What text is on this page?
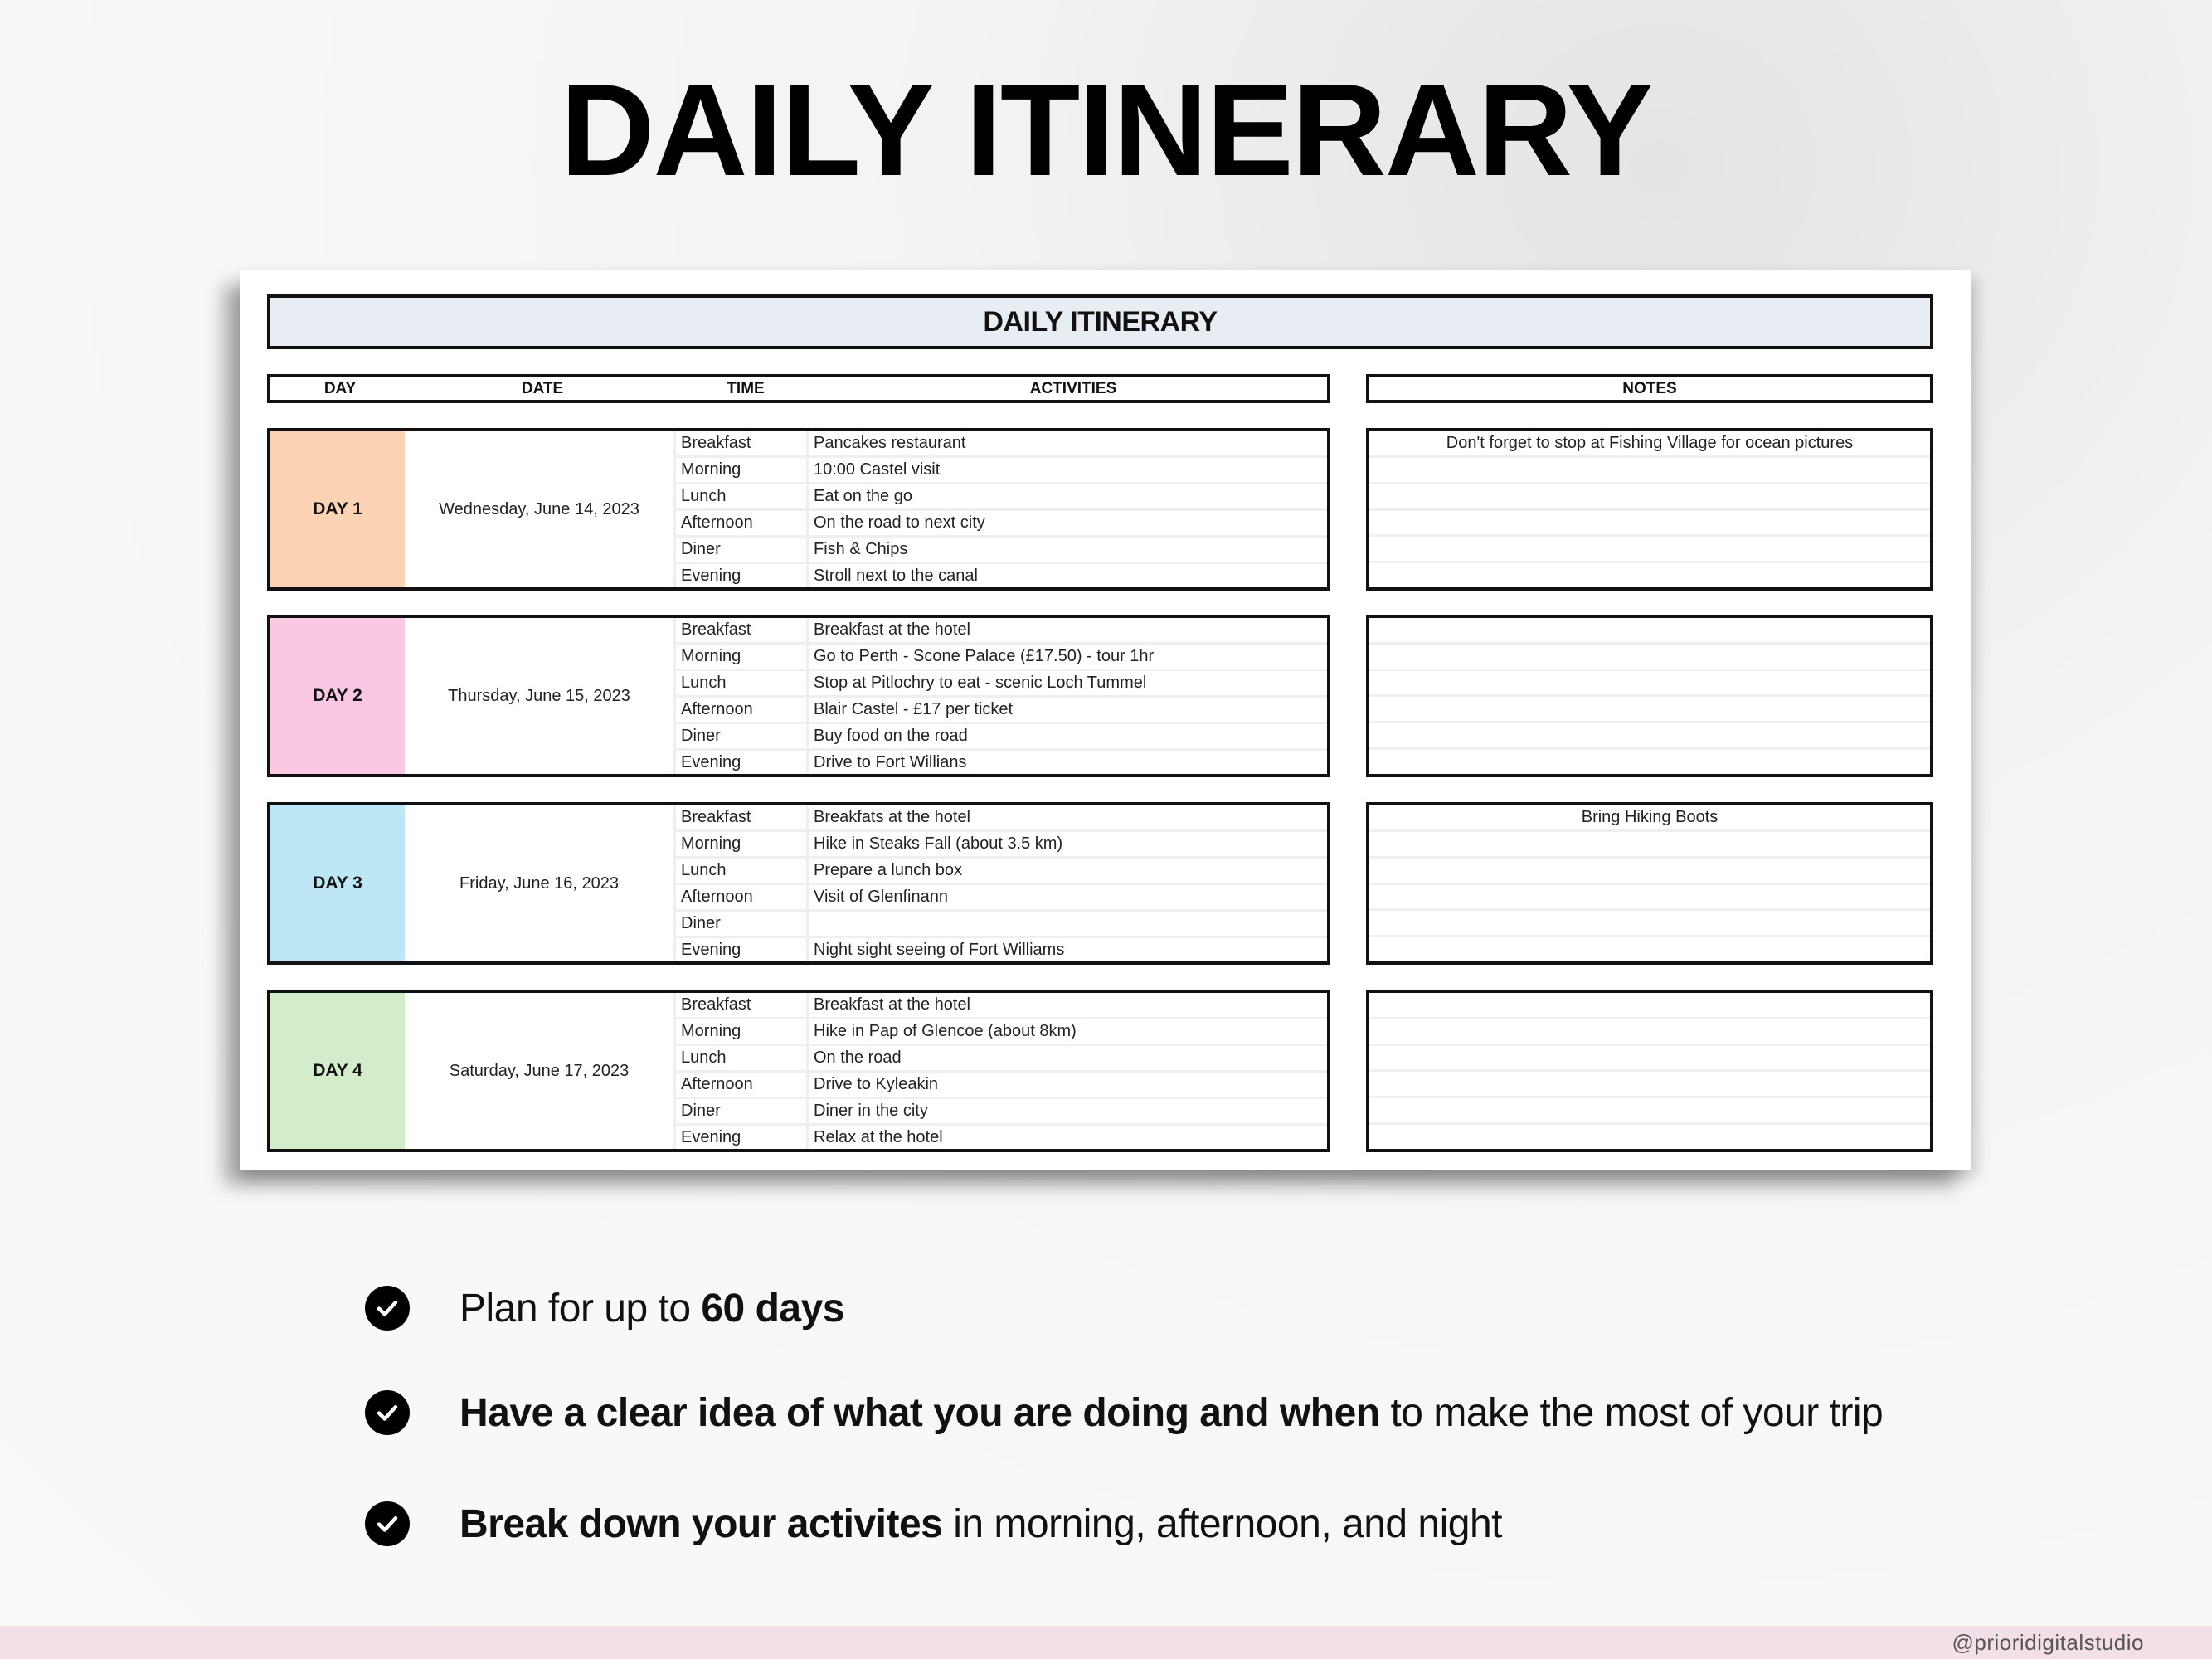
DAILY ITINERARY
DAILY ITINERARY
DAY	DATE	TIME	ACTIVITIES	NOTES
DAY 1	Wednesday, June 14, 2023
Breakfast	Pancakes restaurant
Morning	10:00 Castel visit
Lunch	Eat on the go
Afternoon	On the road to next city
Diner	Fish & Chips
Evening	Stroll next to the canal
Don't forget to stop at Fishing Village for ocean pictures
DAY 2	Thursday, June 15, 2023
Breakfast	Breakfast at the hotel
Morning	Go to Perth - Scone Palace (£17.50) - tour 1hr
Lunch	Stop at Pitlochry to eat - scenic Loch Tummel
Afternoon	Blair Castel - £17 per ticket
Diner	Buy food on the road
Evening	Drive to Fort Willians
DAY 3	Friday, June 16, 2023
Breakfast	Breakfats at the hotel
Morning	Hike in Steaks Fall (about 3.5 km)
Lunch	Prepare a lunch box
Afternoon	Visit of Glenfinann
Diner
Evening	Night sight seeing of Fort Williams
Bring Hiking Boots
DAY 4	Saturday, June 17, 2023
Breakfast	Breakfast at the hotel
Morning	Hike in Pap of Glencoe (about 8km)
Lunch	On the road
Afternoon	Drive to Kyleakin
Diner	Diner in the city
Evening	Relax at the hotel
Plan for up to 60 days
Have a clear idea of what you are doing and when to make the most of your trip
Break down your activites in morning, afternoon, and night
@prioridigitalstudio
